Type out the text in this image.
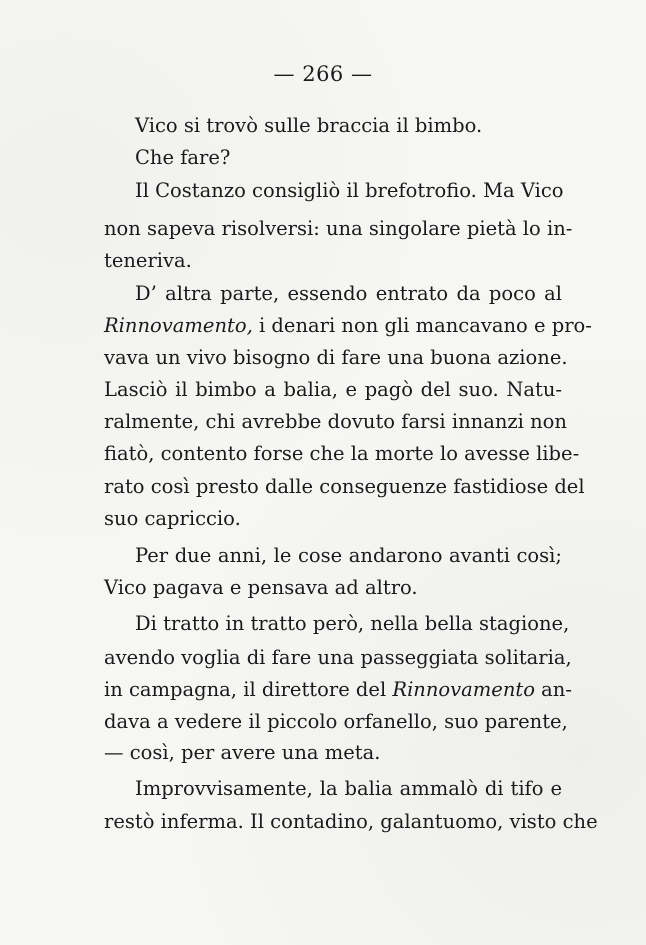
— 266 —
Vico si trovò sulle braccia il bimbo.
Che fare?
Il Costanzo consigliò il brefotrofio. Ma Vico
non sapeva risolversi: una singolare pietà lo in-
teneriva.
D’ altra parte, essendo entrato da poco al
Rinnovamento, i denari non gli mancavano e pro-
vava un vivo bisogno di fare una buona azione.
Lasciò il bimbo a balia, e pagò del suo. Natu-
ralmente, chi avrebbe dovuto farsi innanzi non
fiatò, contento forse che la morte lo avesse libe-
rato così presto dalle conseguenze fastidiose del
suo capriccio.
Per due anni, le cose andarono avanti così;
Vico pagava e pensava ad altro.
Di tratto in tratto però, nella bella stagione,
avendo voglia di fare una passeggiata solitaria,
in campagna, il direttore del Rinnovamento an-
dava a vedere il piccolo orfanello, suo parente,
— così, per avere una meta.
Improvvisamente, la balia ammalò di tifo e
restò inferma. Il contadino, galantuomo, visto che
